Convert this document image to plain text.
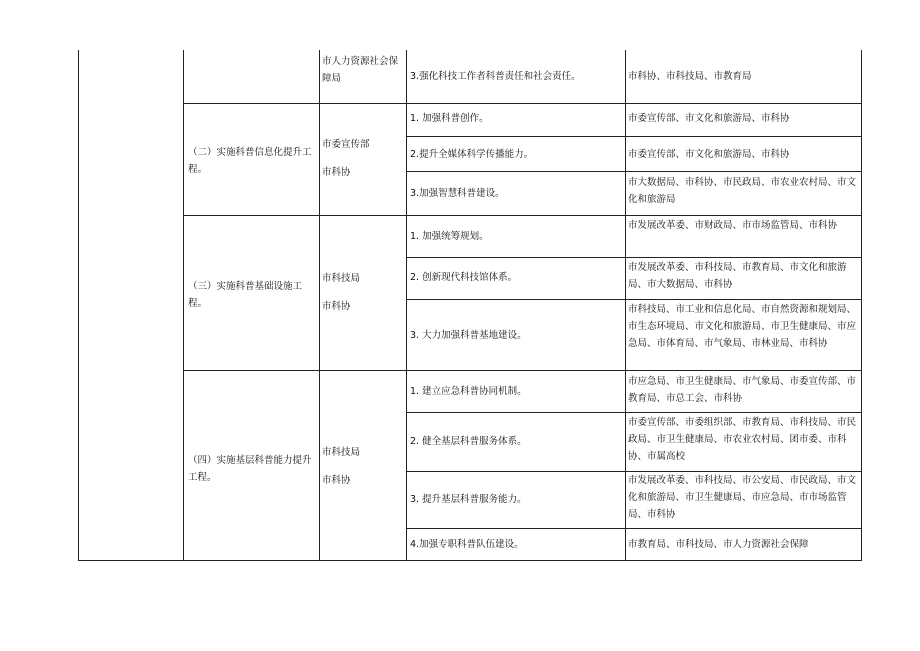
市人力资源社会保障局	3.强化科技工作者科普责任和社会责任。	市科协、市科技局、市教育局
（二）实施科普信息化提升工程。
市委宣传部
市科协
1. 加强科普创作。
2.提升全媒体科学传播能力。
3.加强智慧科普建设。
市委宣传部、市文化和旅游局、市科协
市委宣传部、市文化和旅游局、市科协
市大数据局、市科协、市民政局、市农业农村局、市文化和旅游局
（三）实施科普基础设施工程。
市科技局
市科协
1. 加强统筹规划。
2. 创新现代科技馆体系。
3. 大力加强科普基地建设。
市发展改革委、市财政局、市市场监管局、市科协
市发展改革委、市科技局、市教育局、市文化和旅游局、市大数据局、市科协
市科技局、市工业和信息化局、市自然资源和规划局、市生态环境局、市文化和旅游局、市卫生健康局、市应急局、市体育局、市气象局、市林业局、市科协
（四）实施基层科普能力提升工程。
市科技局
市科协
1. 建立应急科普协同机制。
2. 健全基层科普服务体系。
3. 提升基层科普服务能力。
4.加强专职科普队伍建设。
市应急局、市卫生健康局、市气象局、市委宣传部、市教育局、市总工会、市科协
市委宣传部、市委组织部、市教育局、市科技局、市民政局、市卫生健康局、市农业农村局、团市委、市科协、市属高校
市发展改革委、市科技局、市公安局、市民政局、市文化和旅游局、市卫生健康局、市应急局、市市场监管局、市科协
市教育局、市科技局、市人力资源社会保障
